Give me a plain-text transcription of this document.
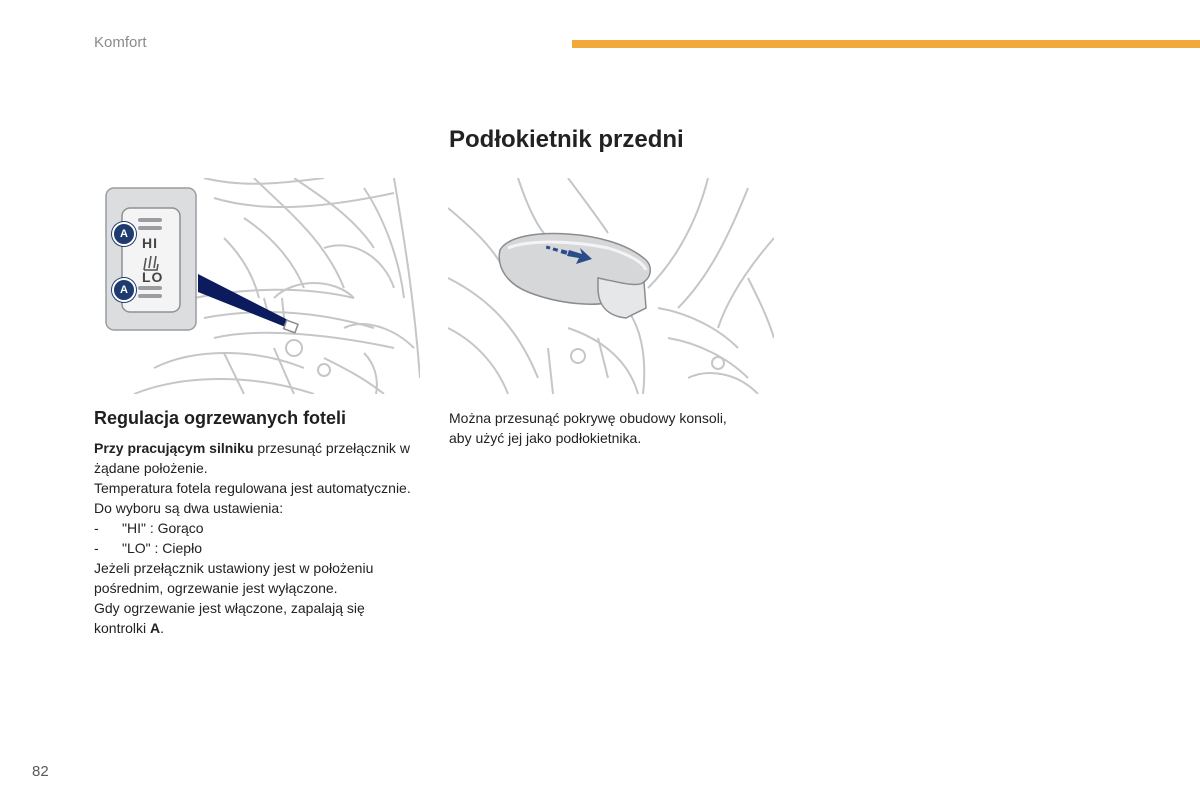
Komfort
Podłokietnik przedni
HI
LO
A
A
Regulacja ogrzewanych foteli

Przy pracującym silniku przesunąć przełącznik w żądane położenie.

Temperatura fotela regulowana jest automatycznie.

Do wyboru są dwa ustawienia:

- "HI" : Gorąco

- "LO" : Ciepło

Jeżeli przełącznik ustawiony jest w położeniu pośrednim, ogrzewanie jest wyłączone.

Gdy ogrzewanie jest włączone, zapalają się kontrolki A.

Można przesunąć pokrywę obudowy konsoli,

aby użyć jej jako podłokietnika.

82
